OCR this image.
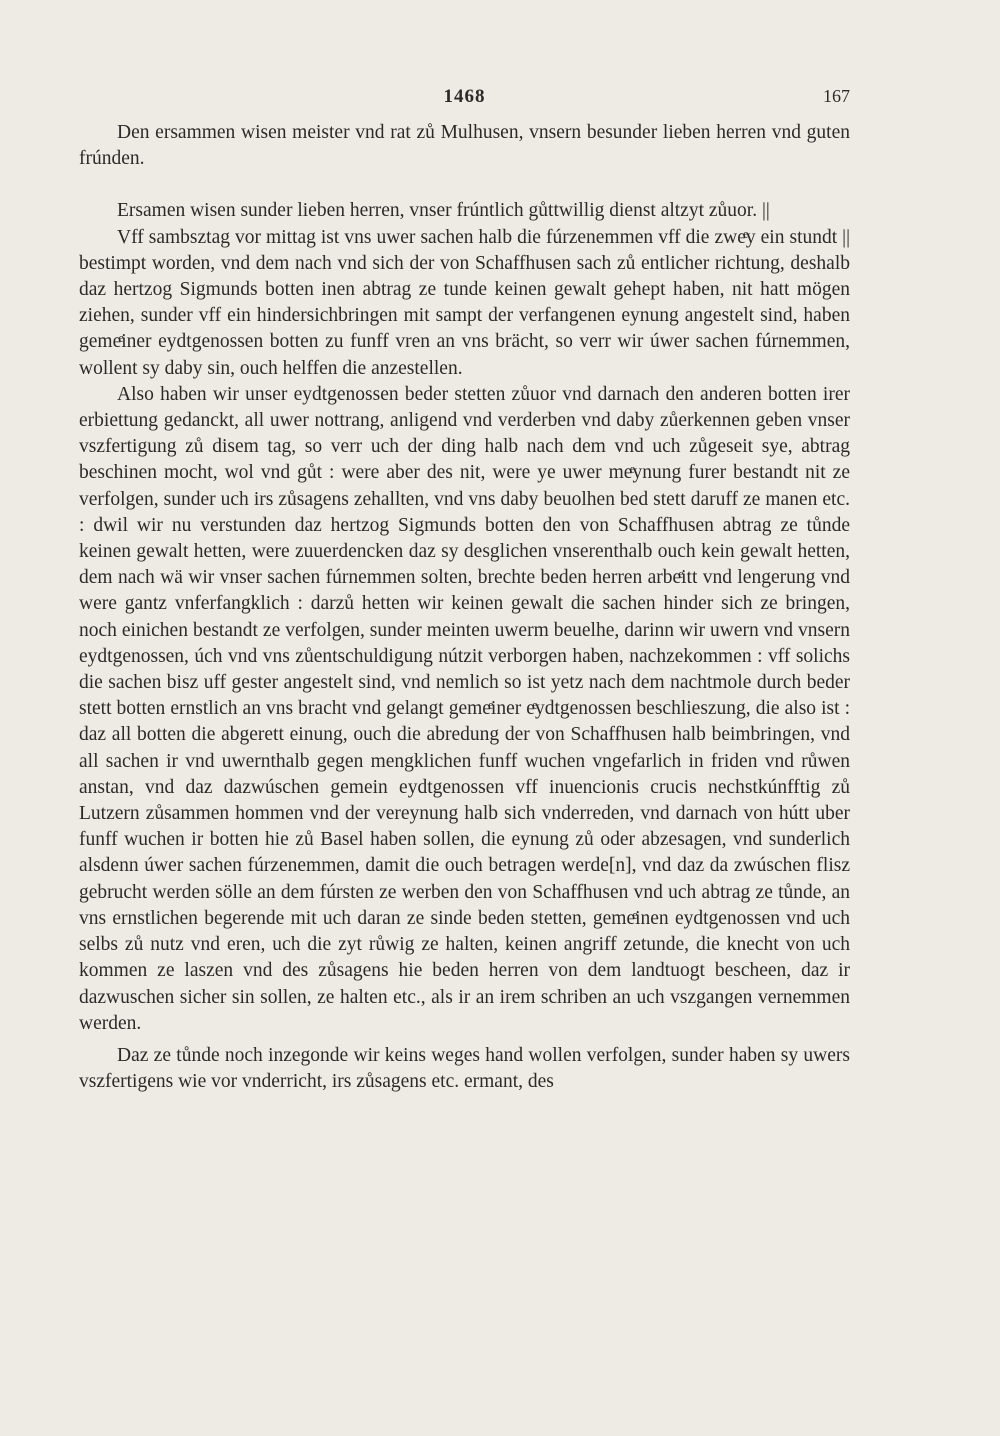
1468	167

Den ersammen wisen meister vnd rat zů Mulhusen, vnsern besunder lieben herren vnd guten frúnden.

Ersamen wisen sunder lieben herren, vnser frúntlich gůttwillig dienst altzyt zůuor. ||

Vff sambsztag vor mittag ist vns uwer sachen halb die fúrzenemmen vff die zweͤy ein stundt || bestimpt worden, vnd dem nach vnd sich der von Schaffhusen sach zů entlicher richtung, deshalb daz hertzog Sigmunds botten inen abtrag ze tunde keinen gewalt gehept haben, nit hatt mögen ziehen, sunder vff ein hindersichbringen mit sampt der verfangenen eynung angestelt sind, haben gemeͤiner eydtgenossen botten zu funff vren an vns brächt, so verr wir úwer sachen fúrnemmen, wollent sy daby sin, ouch helffen die anzestellen.

Also haben wir unser eydtgenossen beder stetten zůuor vnd darnach den anderen botten irer erbiettung gedanckt, all uwer nottrang, anligend vnd verderben vnd daby zůerkennen geben vnser vszfertigung zů disem tag, so verr uch der ding halb nach dem vnd uch zůgeseit sye, abtrag beschinen mocht, wol vnd gůt : were aber des nit, were ye uwer meͤynung furer bestandt nit ze verfolgen, sunder uch irs zůsagens zehallten, vnd vns daby beuolhen bed stett daruff ze manen etc. : dwil wir nu verstunden daz hertzog Sigmunds botten den von Schaffhusen abtrag ze tůnde keinen gewalt hetten, were zuuerdencken daz sy desglichen vnserenthalb ouch kein gewalt hetten, dem nach wä wir vnser sachen fúrnemmen solten, brechte beden herren arbeͤitt vnd lengerung vnd were gantz vnferfangklich : darzů hetten wir keinen gewalt die sachen hinder sich ze bringen, noch einichen bestandt ze verfolgen, sunder meinten uwerm beuelhe, darinn wir uwern vnd vnsern eydtgenossen, úch vnd vns zůentschuldigung nútzit verborgen haben, nachzekommen : vff solichs die sachen bisz uff gester angestelt sind, vnd nemlich so ist yetz nach dem nachtmole durch beder stett botten ernstlich an vns bracht vnd gelangt gemeͤiner eͤydtgenossen beschlieszung, die also ist : daz all botten die abgerett einung, ouch die abredung der von Schaffhusen halb beimbringen, vnd all sachen ir vnd uwernthalb gegen mengklichen funff wuchen vngefarlich in friden vnd růwen anstan, vnd daz dazwúschen gemein eydtgenossen vff inuencionis crucis nechstkúnfftig zů Lutzern zůsammen hommen vnd der vereynung halb sich vnderreden, vnd darnach von hútt uber funff wuchen ir botten hie zů Basel haben sollen, die eynung zů oder abzesagen, vnd sunderlich alsdenn úwer sachen fúrzenemmen, damit die ouch betragen werde[n], vnd daz da zwúschen flisz gebrucht werden sölle an dem fúrsten ze werben den von Schaffhusen vnd uch abtrag ze tůnde, an vns ernstlichen begerende mit uch daran ze sinde beden stetten, gemeͤinen eydtgenossen vnd uch selbs zů nutz vnd eren, uch die zyt růwig ze halten, keinen angriff zetunde, die knecht von uch kommen ze laszen vnd des zůsagens hie beden herren von dem landtuogt bescheen, daz ir dazwuschen sicher sin sollen, ze halten etc., als ir an irem schriben an uch vszgangen vernemmen werden.

Daz ze tůnde noch inzegonde wir keins weges hand wollen verfolgen, sunder haben sy uwers vszfertigens wie vor vnderricht, irs zůsagens etc. ermant, des
